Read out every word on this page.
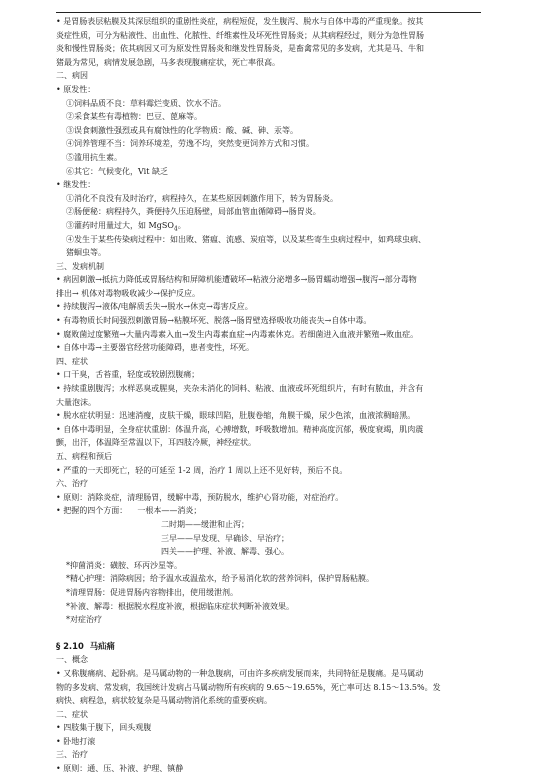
• 是胃肠表层粘膜及其深层组织的重剧性炎症，病程短促，发生腹泻、脱水与自体中毒的严重现象。按其

炎症性质，可分为粘液性、出血性、化脓性、纤维素性及坏死性胃肠炎；从其病程经过，则分为急性胃肠

炎和慢性胃肠炎；依其病因又可为原发性胃肠炎和继发性胃肠炎，是畜禽常见的多发病，尤其是马、牛和

猪最为常见，病情发展急剧，马多表现腹痛症状，死亡率很高。

二、病因

• 原发性：

①饲料品质不良：草料霉烂变质、饮水不洁。

②采食某些有毒植物：巴豆、蓖麻等。

③误食刺激性强烈或具有腐蚀性的化学物质：酸、碱、砷、汞等。

④饲养管理不当：饲养环境差，劳逸不均，突然变更饲养方式和习惯。

⑤滥用抗生素。

⑥其它：气候变化，Vit 缺乏

• 继发性：

①消化不良没有及时治疗，病程持久，在某些原因刺激作用下，转为胃肠炎。

②肠便秘：病程持久，粪便持久压迫肠壁，局部血管血循障碍→肠胃炎。

③灌药时用量过大，如 MgSO$_4$。

④发生于某些传染病过程中：如出败、猪瘟、流感、炭疽等，以及某些寄生虫病过程中，如鸡球虫病、

猪蛔虫等。

三、发病机制

• 病因刺激→抵抗力降低或胃肠结构和屏障机能遭破坏→粘液分泌增多→肠胃蠕动增强→腹泻→部分毒物

排出→ 机体对毒物吸收减少→保护反应。

• 持续腹泻→液体/电解质丢失→脱水→休克→毒害反应。

• 有毒物质长时间强烈刺激胃肠→粘膜坏死、脱落→肠胃壁选择吸收功能丧失→自体中毒。

• 腐败菌过度繁殖→大量内毒素入血→发生内毒素血症→内毒素休克。若细菌进入血液并繁殖→败血症。

• 自体中毒→主要器官经营功能障碍，患者变性，坏死。

四、症状

• 口干臭，舌苔重，轻度或较剧烈腹痛；

• 持续重剧腹泻；水样恶臭或腥臭，夹杂未消化的饲料、粘液、血液或坏死组织片，有时有脓血，并含有

大量泡沫。

• 脱水症状明显：迅速消瘦，皮肤干燥，眼球凹陷，肚腹卷缩，角膜干燥，尿少色浓，血液浓稠暗黑。

• 自体中毒明显，全身症状重剧：体温升高，心搏增数，呼吸数增加。精神高度沉郁，极度衰竭，肌肉震

颤，出汗，体温降至常温以下，耳四肢冷厥，神经症状。

五、病程和预后

• 严重的一天即死亡，轻的可延至 1-2 周，治疗 1 周以上还不见好转，预后不良。

六、治疗

• 原则：消除炎症，清理肠胃，缓解中毒，预防脱水，维护心肾功能，对症治疗。

• 把握的四个方面：    一根本——消炎；

二时期——缓泄和止泻；

三早——早发现、早确诊、早治疗；

四关——护理、补液、解毒、强心。

*抑菌消炎：磺胺、环丙沙星等。

*精心护理：消除病因；给予温水或温盐水，给予易消化软的营养饲料，保护胃肠粘膜。

*清理胃肠：促进胃肠内容物排出，使用缓泄剂。

*补液、解毒：根据脱水程度补液，根据临床症状判断补液效果。

*对症治疗

§ 2.10 马疝痛

一、概念

• 又称腹痛病、起卧病。是马属动物的一种急腹病，可由许多疾病发展而来，共同特征是腹痛。是马属动

物的多发病、常发病，我国统计发病占马属动物所有疾病的 9.65～19.65%，死亡率可达 8.15～13.5%。发

病快、病程急，病状较复杂是马属动物消化系统的重要疾病。

二、症状

• 四肢集于腹下，回头观腹

• 卧地打滚

三、治疗

• 原则：通、压、补液、护理、镇静
